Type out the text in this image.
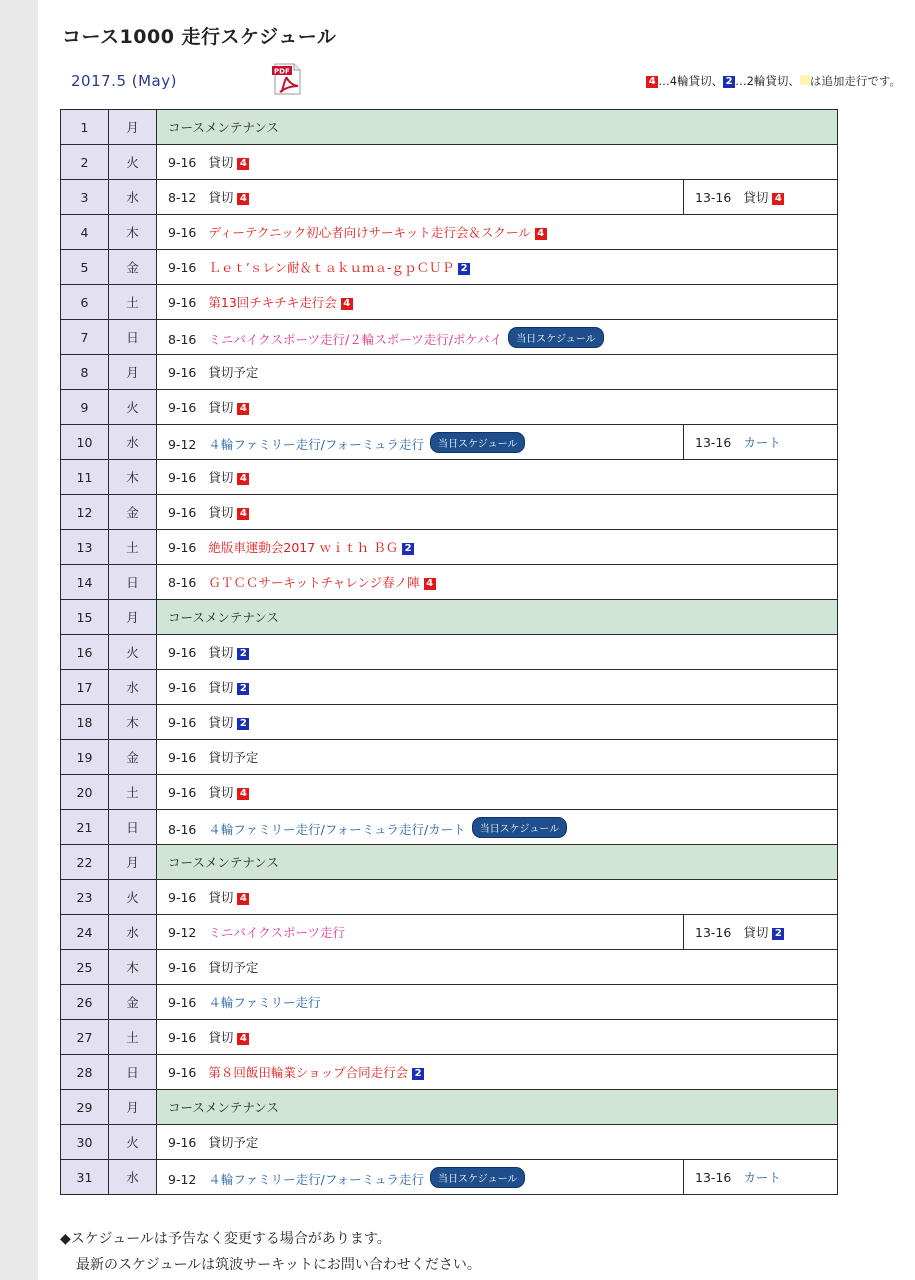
コース1000 走行スケジュール
2017.5 (May)
PDF
4 …4輪貸切、 2 …2輪貸切、 は追加走行です。
1	月	コースメンテナンス	
2	火	9-16 貸切 4	
3	水	8-12 貸切 4	13-16 貸切 4
4	木	9-16 ディーテクニック初心者向けサーキット走行会＆スクール 4	
5	金	9-16 Ｌｅｔ’ｓレン耐＆ｔａｋｕｍａ-ｇｐＣＵＰ 2	
6	土	9-16 第13回チキチキ走行会 4	
7	日	8-16 ミニバイクスポーツ走行/２輪スポーツ走行/ポケバイ 当日スケジュール	
8	月	9-16 貸切予定	
9	火	9-16 貸切 4	
10	水	9-12 ４輪ファミリー走行/フォーミュラ走行 当日スケジュール	13-16 カート
11	木	9-16 貸切 4	
12	金	9-16 貸切 4	
13	土	9-16 絶版車運動会2017 ｗｉｔｈ ＢＧ 2	
14	日	8-16 ＧＴＣＣサーキットチャレンジ春ノ陣 4	
15	月	コースメンテナンス	
16	火	9-16 貸切 2	
17	水	9-16 貸切 2	
18	木	9-16 貸切 2	
19	金	9-16 貸切予定	
20	土	9-16 貸切 4	
21	日	8-16 ４輪ファミリー走行/フォーミュラ走行/カート 当日スケジュール	
22	月	コースメンテナンス	
23	火	9-16 貸切 4	
24	水	9-12 ミニバイクスポーツ走行	13-16 貸切 2
25	木	9-16 貸切予定	
26	金	9-16 ４輪ファミリー走行	
27	土	9-16 貸切 4	
28	日	9-16 第８回飯田輪業ショップ合同走行会 2	
29	月	コースメンテナンス	
30	火	9-16 貸切予定	
31	水	9-12 ４輪ファミリー走行/フォーミュラ走行 当日スケジュール	13-16 カート
◆スケジュールは予告なく変更する場合があります。
最新のスケジュールは筑波サーキットにお問い合わせください。
